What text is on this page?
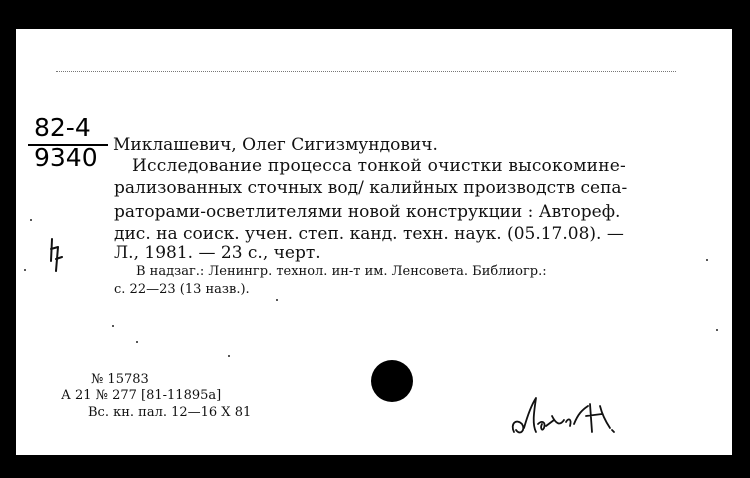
82-4
9340 Миклашевич, Олег Сигизмундович.
Исследование процесса тонкой очистки высокомине-
рализованных сточных вод/ калийных производств сепа-
раторами-осветлителями новой конструкции : Автореф.
дис. на соиск. учен. степ. канд. техн. наук. (05.17.08). —
Л., 1981. — 23 с., черт.
В надзаг.: Ленингр. технол. ин-т им. Ленсовета. Библиогр.:
с. 22—23 (13 назв.).
№ 15783
А 21 № 277 [81-11895а]
Вс. кн. пал. 12—16 X 81
